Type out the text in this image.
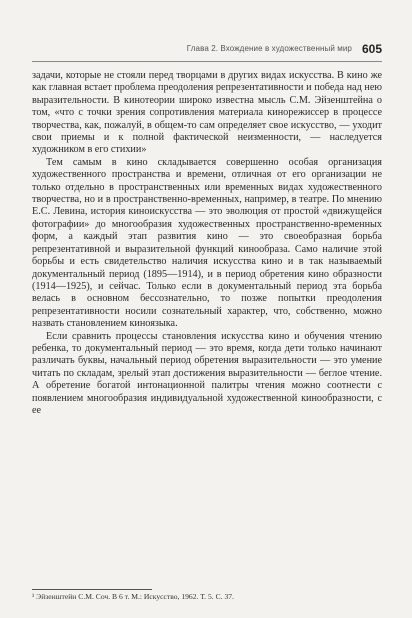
Глава 2. Вхождение в художественный мир 605

задачи, которые не стояли перед творцами в других видах искусства. В кино же как главная встает проблема преодоления репрезентативности и победа над нею выразительности. В кинотеории широко известна мысль С.М. Эйзенштейна о том, «что с точки зрения сопротивления материала кинорежиссер в процессе творчества, как, пожалуй, в общем-то сам определяет свое искусство, — уходит свои приемы и к полной фактической неизменности, — наследуется художником в его стихии»

Тем самым в кино складывается совершенно особая организация художественного пространства и времени, отличная от его организации не только отдельно в пространственных или временных видах художественного творчества, но и в пространственно-временных, например, в театре. По мнению Е.С. Левина, история киноискусства — это эволюция от простой «движущейся фотографии» до многообразия художественных пространственно-временных форм, а каждый этап развития кино — это своеобразная борьба репрезентативной и выразительной функций кинообраза. Само наличие этой борьбы и есть свидетельство наличия искусства кино и в так называемый документальный период (1895—1914), и в период обретения кино образности (1914—1925), и сейчас. Только если в документальный период эта борьба велась в основном бессознательно, то позже попытки преодоления репрезентативности носили сознательный характер, что, собственно, можно назвать становлением киноязыка.

Если сравнить процессы становления искусства кино и обучения чтению ребенка, то документальный период — это время, когда дети только начинают различать буквы, начальный период обретения выразительности — это умение читать по складам, зрелый этап достижения выразительности — беглое чтение. А обретение богатой интонационной палитры чтения можно соотнести с появлением многообразия индивидуальной художественной кинообразности, с ее

¹ Эйзенштейн С.М. Соч. В 6 т. М.: Искусство, 1962. Т. 5. С. 37.
